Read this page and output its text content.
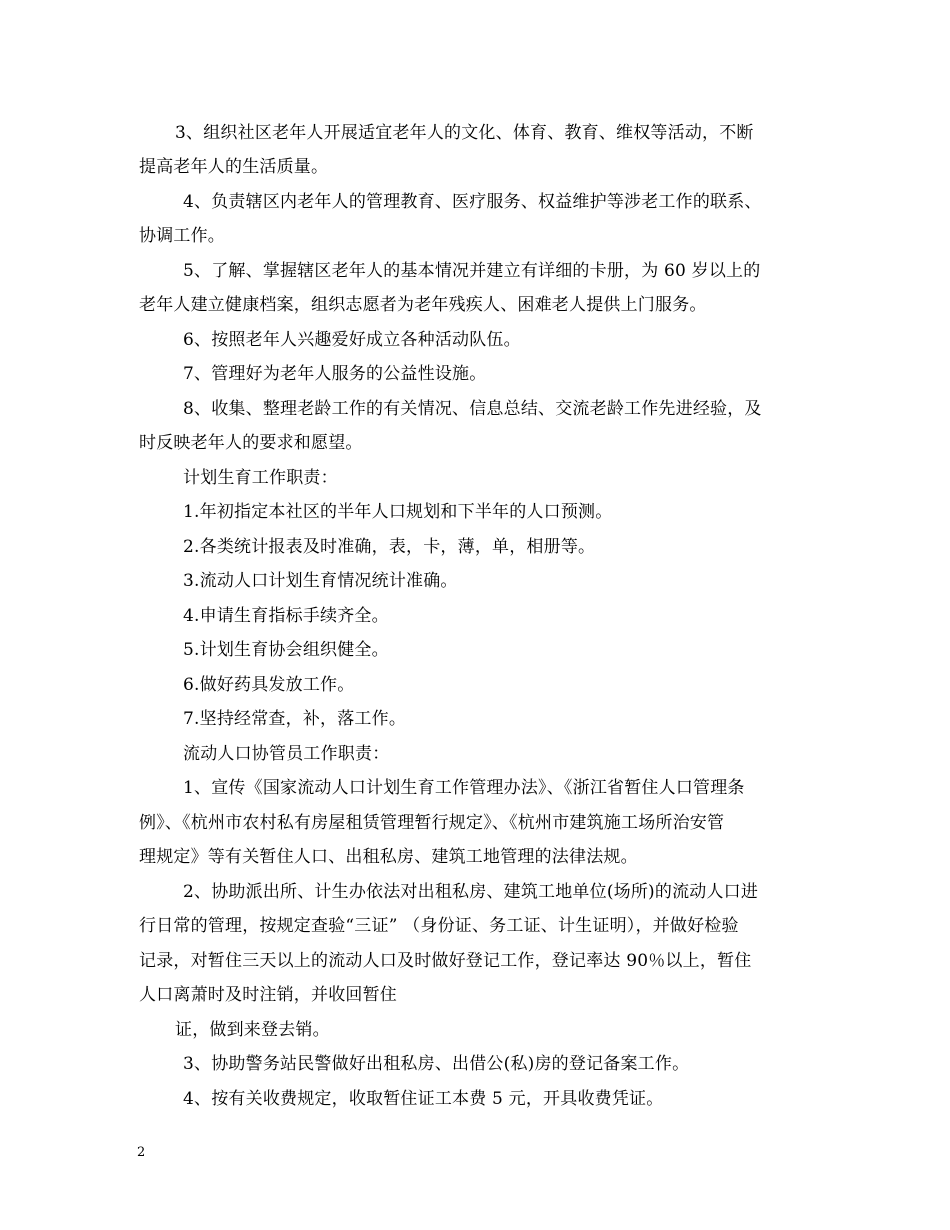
3、组织社区老年人开展适宜老年人的文化、体育、教育、维权等活动，不断
提高老年人的生活质量。
4、负责辖区内老年人的管理教育、医疗服务、权益维护等涉老工作的联系、
协调工作。
5、了解、掌握辖区老年人的基本情况并建立有详细的卡册，为 60 岁以上的
老年人建立健康档案，组织志愿者为老年残疾人、困难老人提供上门服务。
6、按照老年人兴趣爱好成立各种活动队伍。
7、管理好为老年人服务的公益性设施。
8、收集、整理老龄工作的有关情况、信息总结、交流老龄工作先进经验，及
时反映老年人的要求和愿望。
计划生育工作职责：
1.年初指定本社区的半年人口规划和下半年的人口预测。
2.各类统计报表及时准确，表，卡，薄，单，相册等。
3.流动人口计划生育情况统计准确。
4.申请生育指标手续齐全。
5.计划生育协会组织健全。
6.做好药具发放工作。
7.坚持经常查，补，落工作。
流动人口协管员工作职责：
1、宣传《国家流动人口计划生育工作管理办法》、《浙江省暂住人口管理条
例》、《杭州市农村私有房屋租赁管理暂行规定》、《杭州市建筑施工场所治安管
理规定》等有关暂住人口、出租私房、建筑工地管理的法律法规。
2、协助派出所、计生办依法对出租私房、建筑工地单位(场所)的流动人口进
行日常的管理，按规定查验“三证” （身份证、务工证、计生证明），并做好检验
记录，对暂住三天以上的流动人口及时做好登记工作，登记率达 90％以上，暂住
人口离萧时及时注销，并收回暂住
证，做到来登去销。
3、协助警务站民警做好出租私房、出借公(私)房的登记备案工作。
4、按有关收费规定，收取暂住证工本费 5 元，开具收费凭证。
2
